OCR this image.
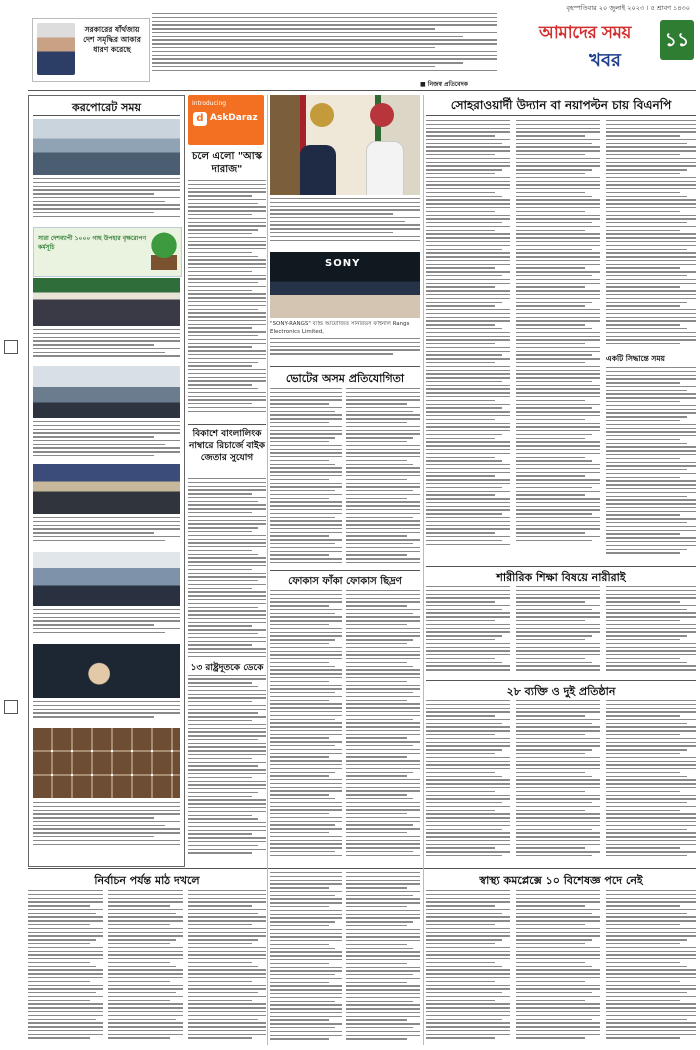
সরকারের ষাঁর্থজায় দেশ সমৃদ্ধির আকার ধারণ করেছে
বৃহস্পতিবার ২০ জুলাই ২০২৩ । ৫ শ্রাবণ ১৪৩০
■ নিজস্ব প্রতিবেদক
আমাদের সময়
খবর
১১
করপোরেট সময়
সারা দেশব্যাপী ১০০০ গাছ উপহার বৃক্ষরোপণ কর্মসূচি
Introducing
d AskDaraz
চলে এলো "আস্ক দারাজ"
বিকাশে বাংলালিংক নাম্বারে রিচার্জে বাইক জেতার সুযোগ
SONY
"SONY-RANGS" ব্যান্ড আয়োজিত সনিরিডস ফাইনাল Rangs Electronics Limited,
ভোটের অসম প্রতিযোগিতা
ফোকাস ফাঁকা ফোকাস ছিদ্রণ
সোহরাওয়ার্দী উদ্যান বা নয়াপল্টন চায় বিএনপি
একটি সিদ্ধান্তে সময়
শারীরিক শিক্ষা বিষয়ে নারীরাই
২৮ ব্যক্তি ও দুই প্রতিষ্ঠান
নির্বাচন পর্যন্ত মাঠ দখলে	স্বাস্থ্য কমপ্লেক্সে ১০ বিশেষজ্ঞ পদে নেই
১৩ রাষ্ট্রদূতকে ডেকে
